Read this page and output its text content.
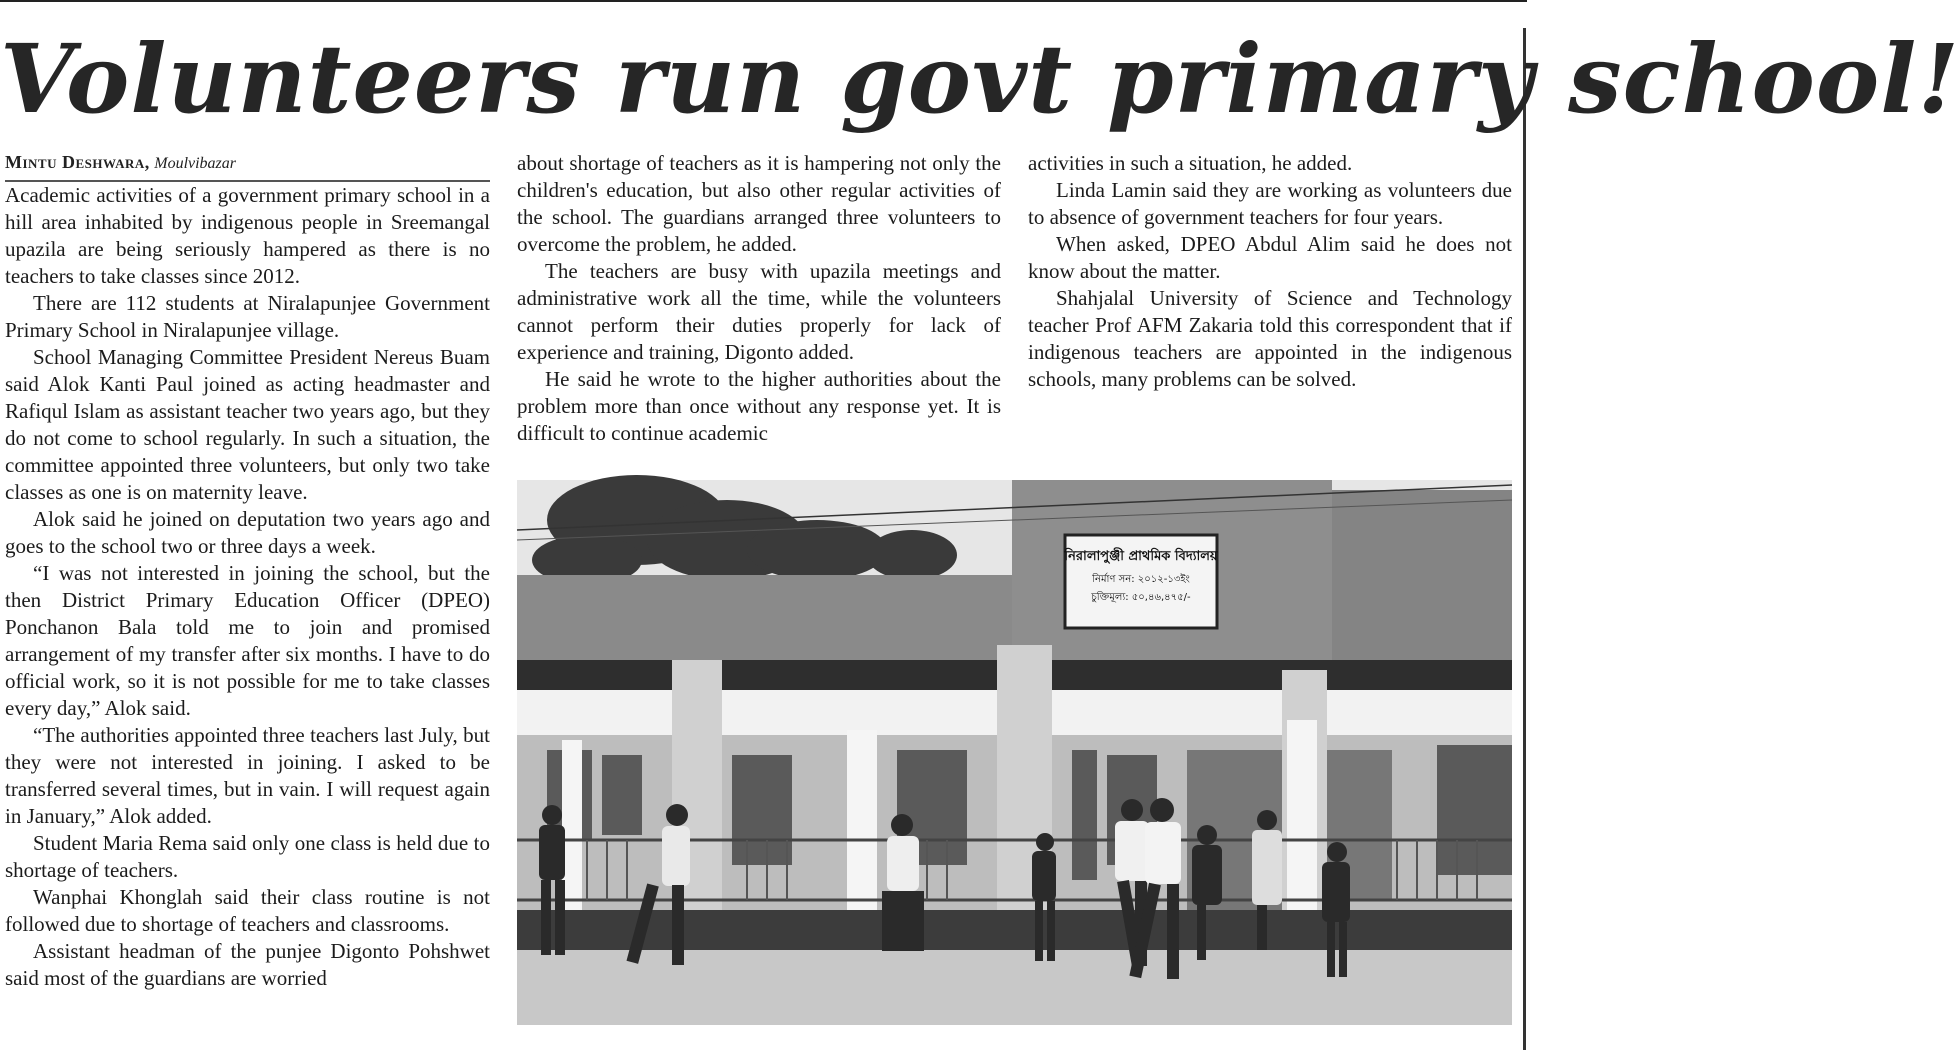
Volunteers run govt primary school!

Mintu Deshwara, Moulvibazar

Academic activities of a government primary school in a hill area inhabited by indigenous people in Sreemangal upazila are being seriously hampered as there is no teachers to take classes since 2012.

There are 112 students at Niralapunjee Government Primary School in Niralapunjee village.

School Managing Committee President Nereus Buam said Alok Kanti Paul joined as acting headmaster and Rafiqul Islam as assistant teacher two years ago, but they do not come to school regularly. In such a situation, the committee appointed three volunteers, but only two take classes as one is on maternity leave.

Alok said he joined on deputation two years ago and goes to the school two or three days a week.

“I was not interested in joining the school, but the then District Primary Education Officer (DPEO) Ponchanon Bala told me to join and promised arrangement of my transfer after six months. I have to do official work, so it is not possible for me to take classes every day,” Alok said.

“The authorities appointed three teachers last July, but they were not interested in joining. I asked to be transferred several times, but in vain. I will request again in January,” Alok added.

Student Maria Rema said only one class is held due to shortage of teachers.

Wanphai Khonglah said their class routine is not followed due to shortage of teachers and classrooms.

Assistant headman of the punjee Digonto Pohshwet said most of the guardians are worried

about shortage of teachers as it is hampering not only the children's education, but also other regular activities of the school. The guardians arranged three volunteers to overcome the problem, he added.

The teachers are busy with upazila meetings and administrative work all the time, while the volunteers cannot perform their duties properly for lack of experience and training, Digonto added.

He said he wrote to the higher authorities about the problem more than once without any response yet. It is difficult to continue academic

activities in such a situation, he added.

Linda Lamin said they are working as volunteers due to absence of government teachers for four years.

When asked, DPEO Abdul Alim said he does not know about the matter.

Shahjalal University of Science and Technology teacher Prof AFM Zakaria told this correspondent that if indigenous teachers are appointed in the indigenous schools, many problems can be solved.

নিরালাপুঞ্জী প্রাথমিক বিদ্যালয়
নির্মাণ সন: ২০১২-১৩ইং
চুক্তিমূল্য: ৫০,৪৬,৪৭৫/-
